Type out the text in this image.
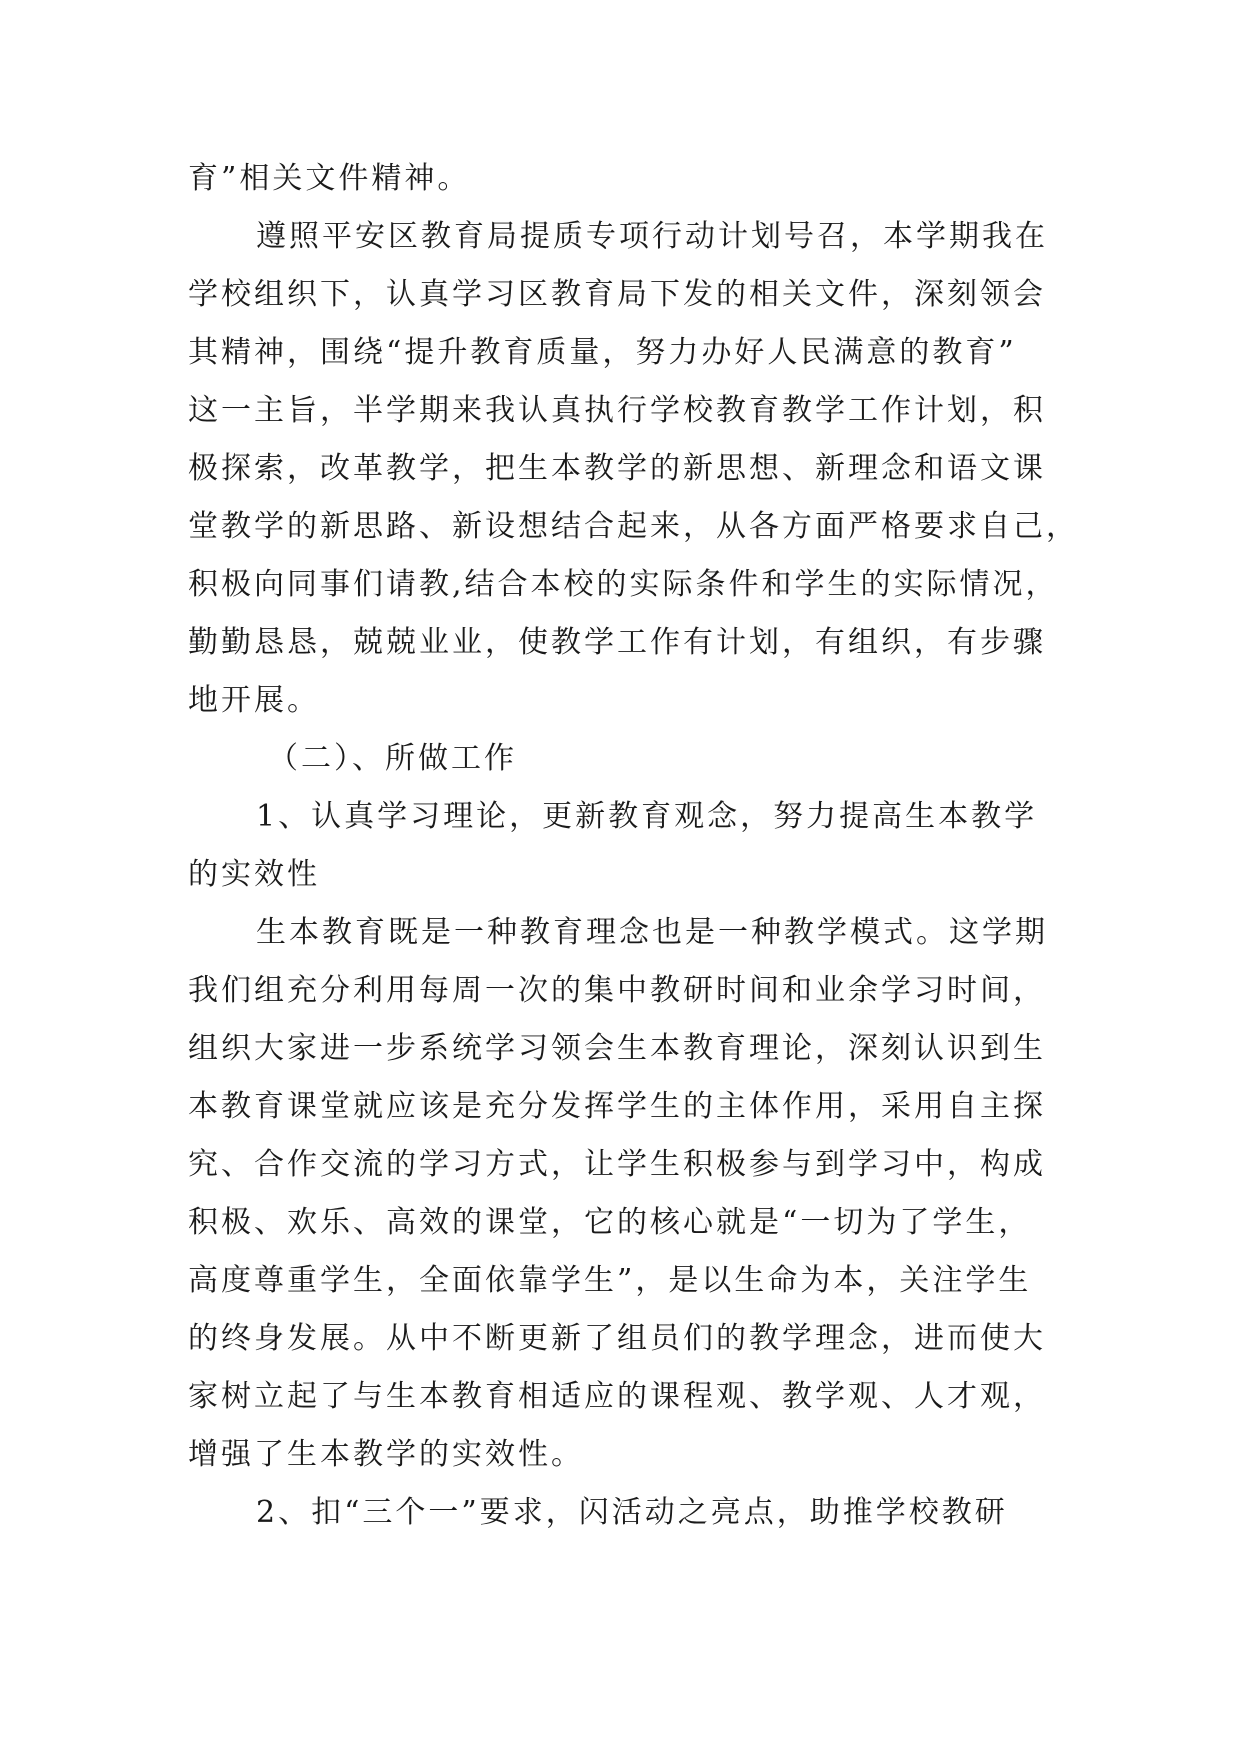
育”相关文件精神。
遵照平安区教育局提质专项行动计划号召，本学期我在
学校组织下，认真学习区教育局下发的相关文件，深刻领会
其精神，围绕“提升教育质量，努力办好人民满意的教育”
这一主旨，半学期来我认真执行学校教育教学工作计划，积
极探索，改革教学，把生本教学的新思想、新理念和语文课
堂教学的新思路、新设想结合起来，从各方面严格要求自己，
积极向同事们请教,结合本校的实际条件和学生的实际情况，
勤勤恳恳，兢兢业业，使教学工作有计划，有组织，有步骤
地开展。
（二）、所做工作
1、认真学习理论，更新教育观念，努力提高生本教学
的实效性
生本教育既是一种教育理念也是一种教学模式。这学期
我们组充分利用每周一次的集中教研时间和业余学习时间，
组织大家进一步系统学习领会生本教育理论，深刻认识到生
本教育课堂就应该是充分发挥学生的主体作用，采用自主探
究、合作交流的学习方式，让学生积极参与到学习中，构成
积极、欢乐、高效的课堂，它的核心就是“一切为了学生，
高度尊重学生，全面依靠学生”，是以生命为本，关注学生
的终身发展。从中不断更新了组员们的教学理念，进而使大
家树立起了与生本教育相适应的课程观、教学观、人才观，
增强了生本教学的实效性。
2、扣“三个一”要求，闪活动之亮点，助推学校教研
